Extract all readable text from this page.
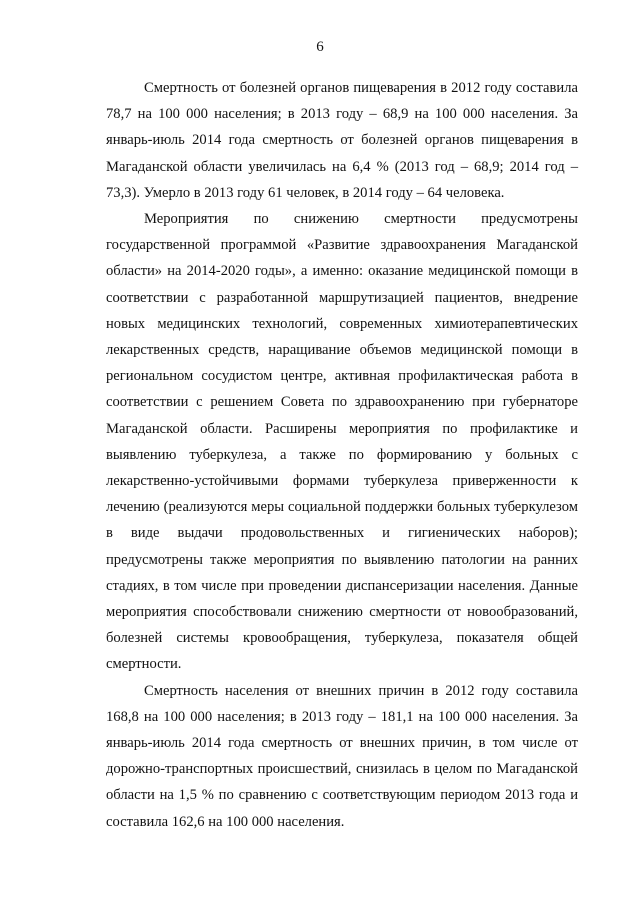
6

Смертность от болезней органов пищеварения в 2012 году составила 78,7 на 100 000 населения; в 2013 году – 68,9 на 100 000 населения. За январь-июль 2014 года смертность от болезней органов пищеварения в Магаданской области увеличилась на 6,4 % (2013 год – 68,9; 2014 год – 73,3). Умерло в 2013 году 61 человек, в 2014 году – 64 человека.

Мероприятия по снижению смертности предусмотрены государственной программой «Развитие здравоохранения Магаданской области» на 2014-2020 годы», а именно: оказание медицинской помощи в соответствии с разработанной маршрутизацией пациентов, внедрение новых медицинских технологий, современных химиотерапевтических лекарственных средств, наращивание объемов медицинской помощи в региональном сосудистом центре, активная профилактическая работа в соответствии с решением Совета по здравоохранению при губернаторе Магаданской области. Расширены мероприятия по профилактике и выявлению туберкулеза, а также по формированию у больных с лекарственно-устойчивыми формами туберкулеза приверженности к лечению (реализуются меры социальной поддержки больных туберкулезом в виде выдачи продовольственных и гигиенических наборов); предусмотрены также мероприятия по выявлению патологии на ранних стадиях, в том числе при проведении диспансеризации населения. Данные мероприятия способствовали снижению смертности от новообразований, болезней системы кровообращения, туберкулеза, показателя общей смертности.

Смертность населения от внешних причин в 2012 году составила 168,8 на 100 000 населения; в 2013 году – 181,1 на 100 000 населения. За январь-июль 2014 года смертность от внешних причин, в том числе от дорожно-транспортных происшествий, снизилась в целом по Магаданской области на 1,5 % по сравнению с соответствующим периодом 2013 года и составила 162,6 на 100 000 населения.
